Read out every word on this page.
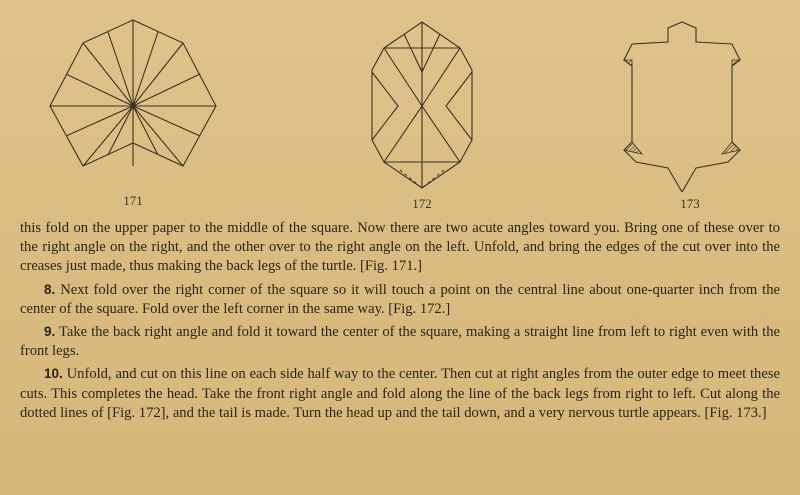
171	172	173

this fold on the upper paper to the middle of the square. Now there are two acute angles toward you. Bring one of these over to the right angle on the right, and the other over to the right angle on the left. Unfold, and bring the edges of the cut over into the creases just made, thus making the back legs of the turtle. [Fig. 171.]

8. Next fold over the right corner of the square so it will touch a point on the central line about one-quarter inch from the center of the square. Fold over the left corner in the same way. [Fig. 172.]

9. Take the back right angle and fold it toward the center of the square, making a straight line from left to right even with the front legs.

10. Unfold, and cut on this line on each side half way to the center. Then cut at right angles from the outer edge to meet these cuts. This completes the head. Take the front right angle and fold along the line of the back legs from right to left. Cut along the dotted lines of [Fig. 172], and the tail is made. Turn the head up and the tail down, and a very nervous turtle appears. [Fig. 173.]
